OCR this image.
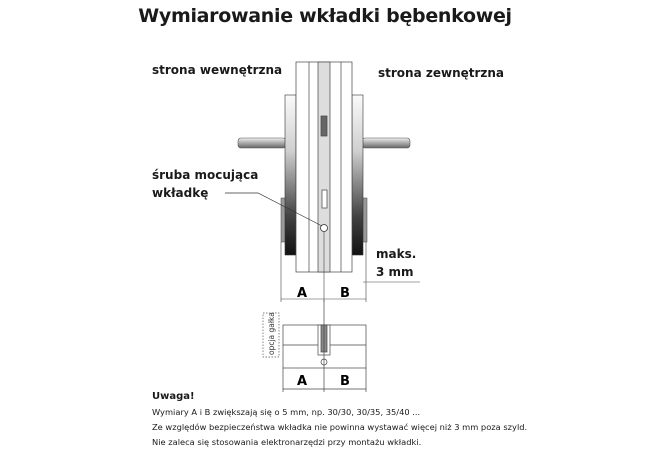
Wymiarowanie wkładki bębenkowej
strona wewnętrzna	strona zewnętrzna
śruba mocująca
wkładkę
maks.
3 mm
A	B
opcja gałka
A	B
Uwaga!
Wymiary A i B zwiększają się o 5 mm, np. 30/30, 30/35, 35/40 ...
Ze względów bezpieczeństwa wkładka nie powinna wystawać więcej niż 3 mm poza szyld.
Nie zaleca się stosowania elektronarzędzi przy montażu wkładki.
